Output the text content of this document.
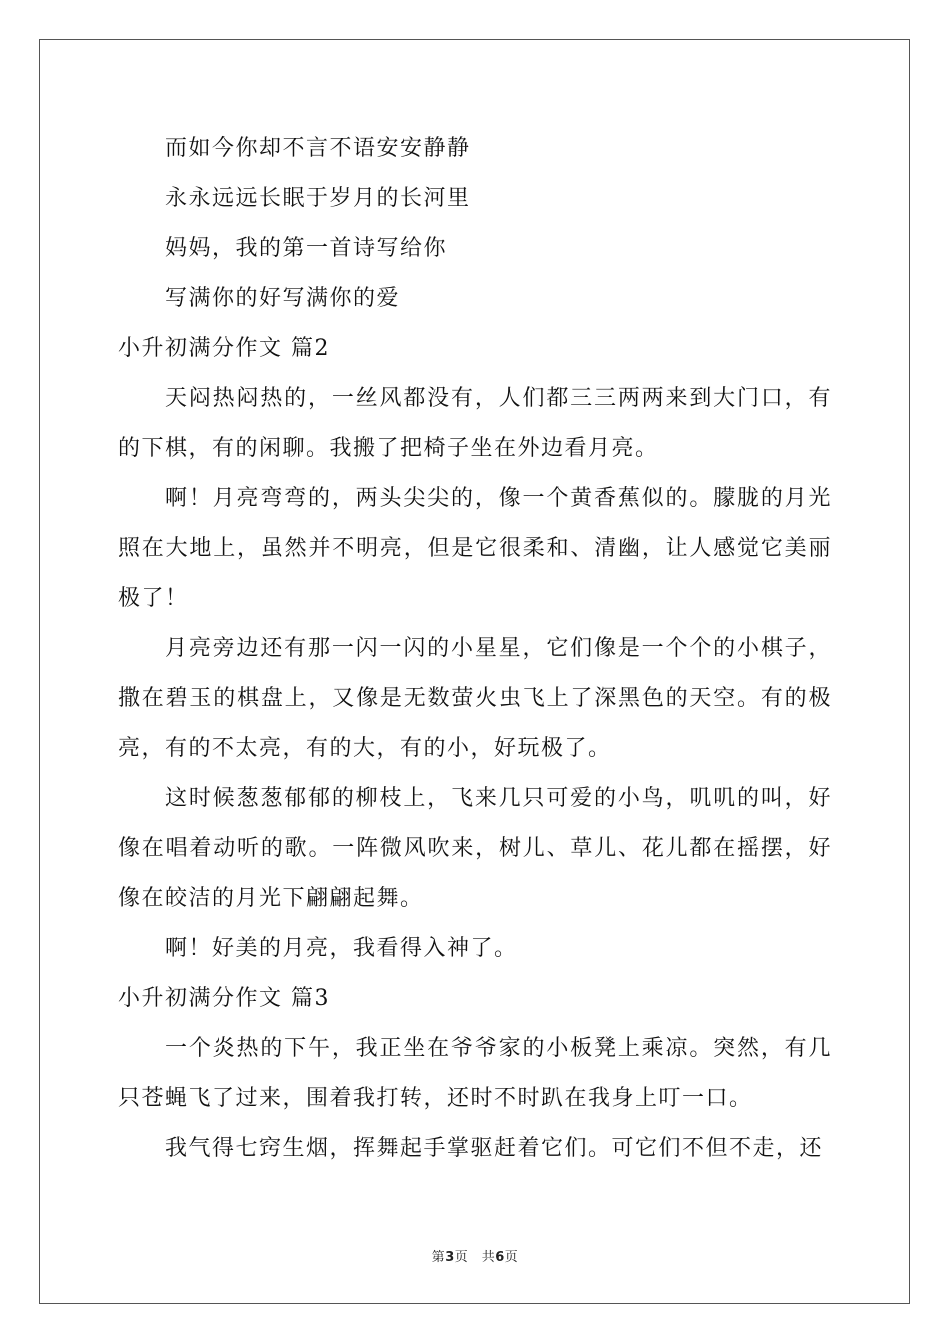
而如今你却不言不语安安静静

永永远远长眠于岁月的长河里

妈妈，我的第一首诗写给你

写满你的好写满你的爱

小升初满分作文 篇2

天闷热闷热的，一丝风都没有，人们都三三两两来到大门口，有的下棋，有的闲聊。我搬了把椅子坐在外边看月亮。

啊！月亮弯弯的，两头尖尖的，像一个黄香蕉似的。朦胧的月光照在大地上，虽然并不明亮，但是它很柔和、清幽，让人感觉它美丽极了！

月亮旁边还有那一闪一闪的小星星，它们像是一个个的小棋子，撒在碧玉的棋盘上，又像是无数萤火虫飞上了深黑色的天空。有的极亮，有的不太亮，有的大，有的小，好玩极了。

这时候葱葱郁郁的柳枝上，飞来几只可爱的小鸟，叽叽的叫，好像在唱着动听的歌。一阵微风吹来，树儿、草儿、花儿都在摇摆，好像在皎洁的月光下翩翩起舞。

啊！好美的月亮，我看得入神了。

小升初满分作文 篇3

一个炎热的下午，我正坐在爷爷家的小板凳上乘凉。突然，有几只苍蝇飞了过来，围着我打转，还时不时趴在我身上叮一口。

我气得七窍生烟，挥舞起手掌驱赶着它们。可它们不但不走，还

第3页　共6页
